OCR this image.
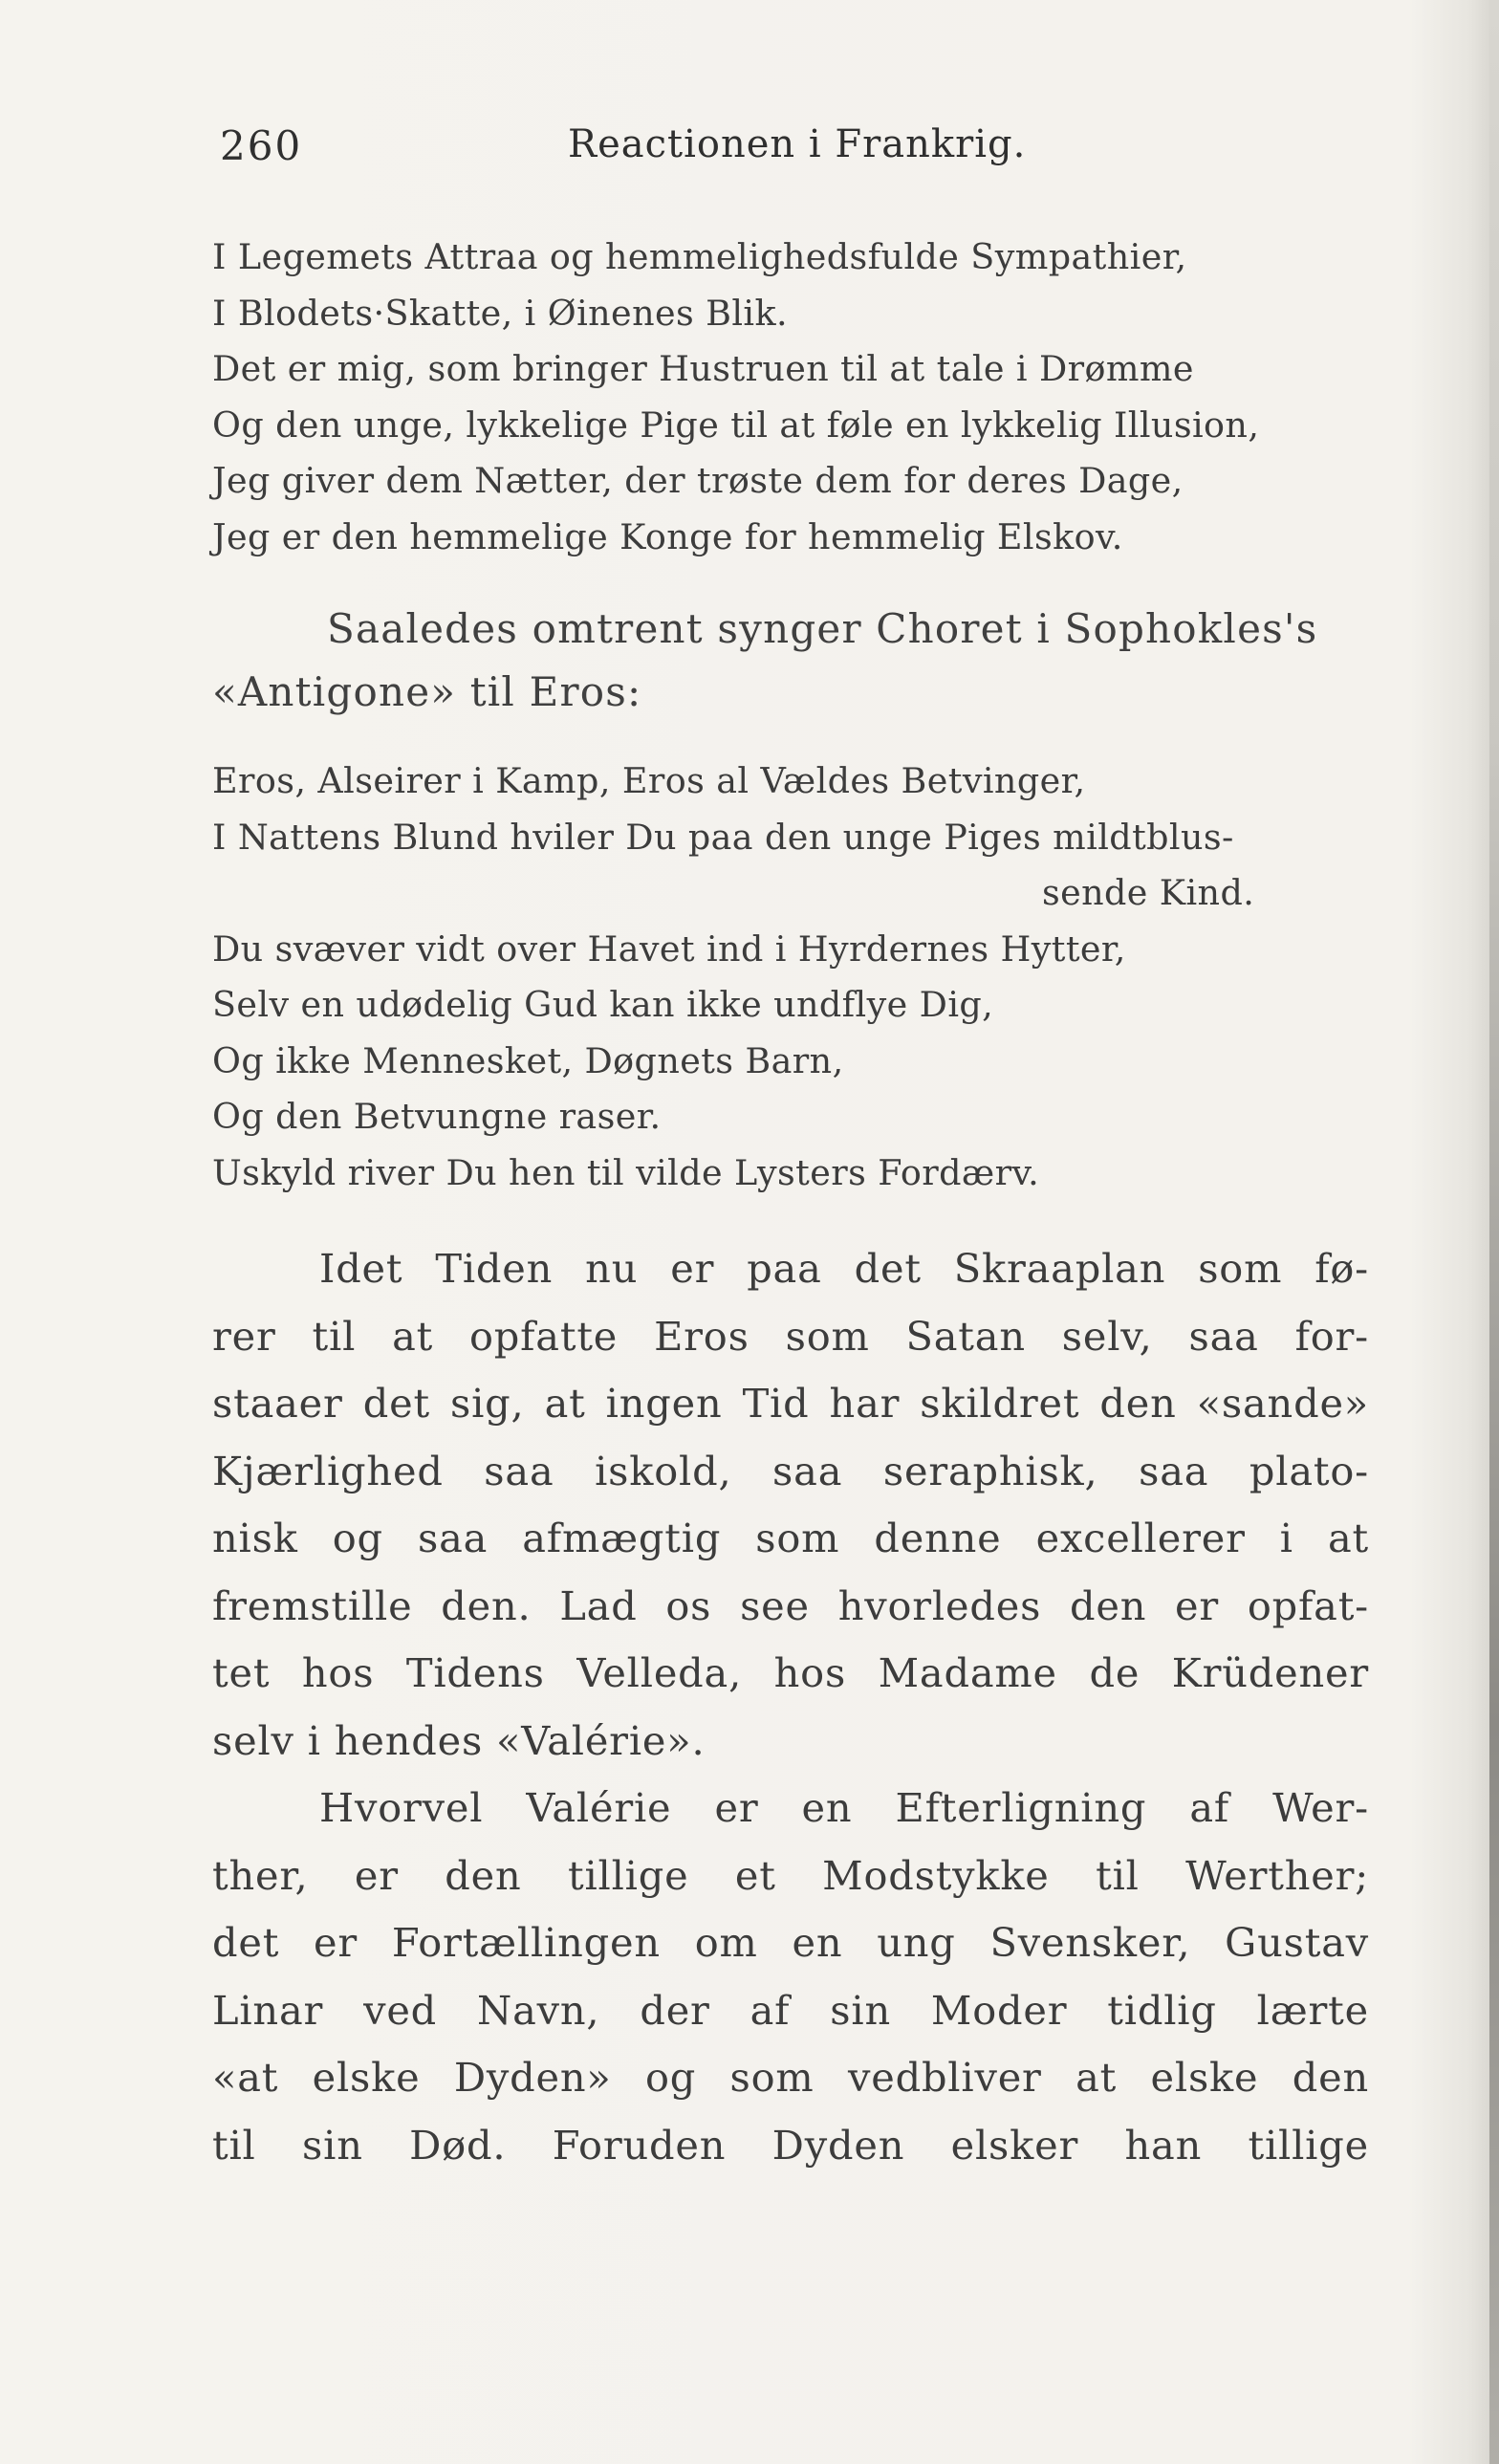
260	Reactionen i Frankrig.
I Legemets Attraa og hemmelighedsfulde Sympathier,
I Blodets·Skatte, i Øinenes Blik.
Det er mig, som bringer Hustruen til at tale i Drømme
Og den unge, lykkelige Pige til at føle en lykkelig Illusion,
Jeg giver dem Nætter, der trøste dem for deres Dage,
Jeg er den hemmelige Konge for hemmelig Elskov.
Saaledes omtrent synger Choret i Sophokles's
«Antigone» til Eros:
Eros, Alseirer i Kamp, Eros al Vældes Betvinger,
I Nattens Blund hviler Du paa den unge Piges mildtblus-
sende Kind.
Du svæver vidt over Havet ind i Hyrdernes Hytter,
Selv en udødelig Gud kan ikke undflye Dig,
Og ikke Mennesket, Døgnets Barn,
Og den Betvungne raser.
Uskyld river Du hen til vilde Lysters Fordærv.
Idet Tiden nu er paa det Skraaplan som fø-
rer til at opfatte Eros som Satan selv, saa for-
staaer det sig, at ingen Tid har skildret den «sande»
Kjærlighed saa iskold, saa seraphisk, saa plato-
nisk og saa afmægtig som denne excellerer i at
fremstille den. Lad os see hvorledes den er opfat-
tet hos Tidens Velleda, hos Madame de Krüdener
selv i hendes «Valérie».
Hvorvel Valérie er en Efterligning af Wer-
ther, er den tillige et Modstykke til Werther;
det er Fortællingen om en ung Svensker, Gustav
Linar ved Navn, der af sin Moder tidlig lærte
«at elske Dyden» og som vedbliver at elske den
til sin Død. Foruden Dyden elsker han tillige
